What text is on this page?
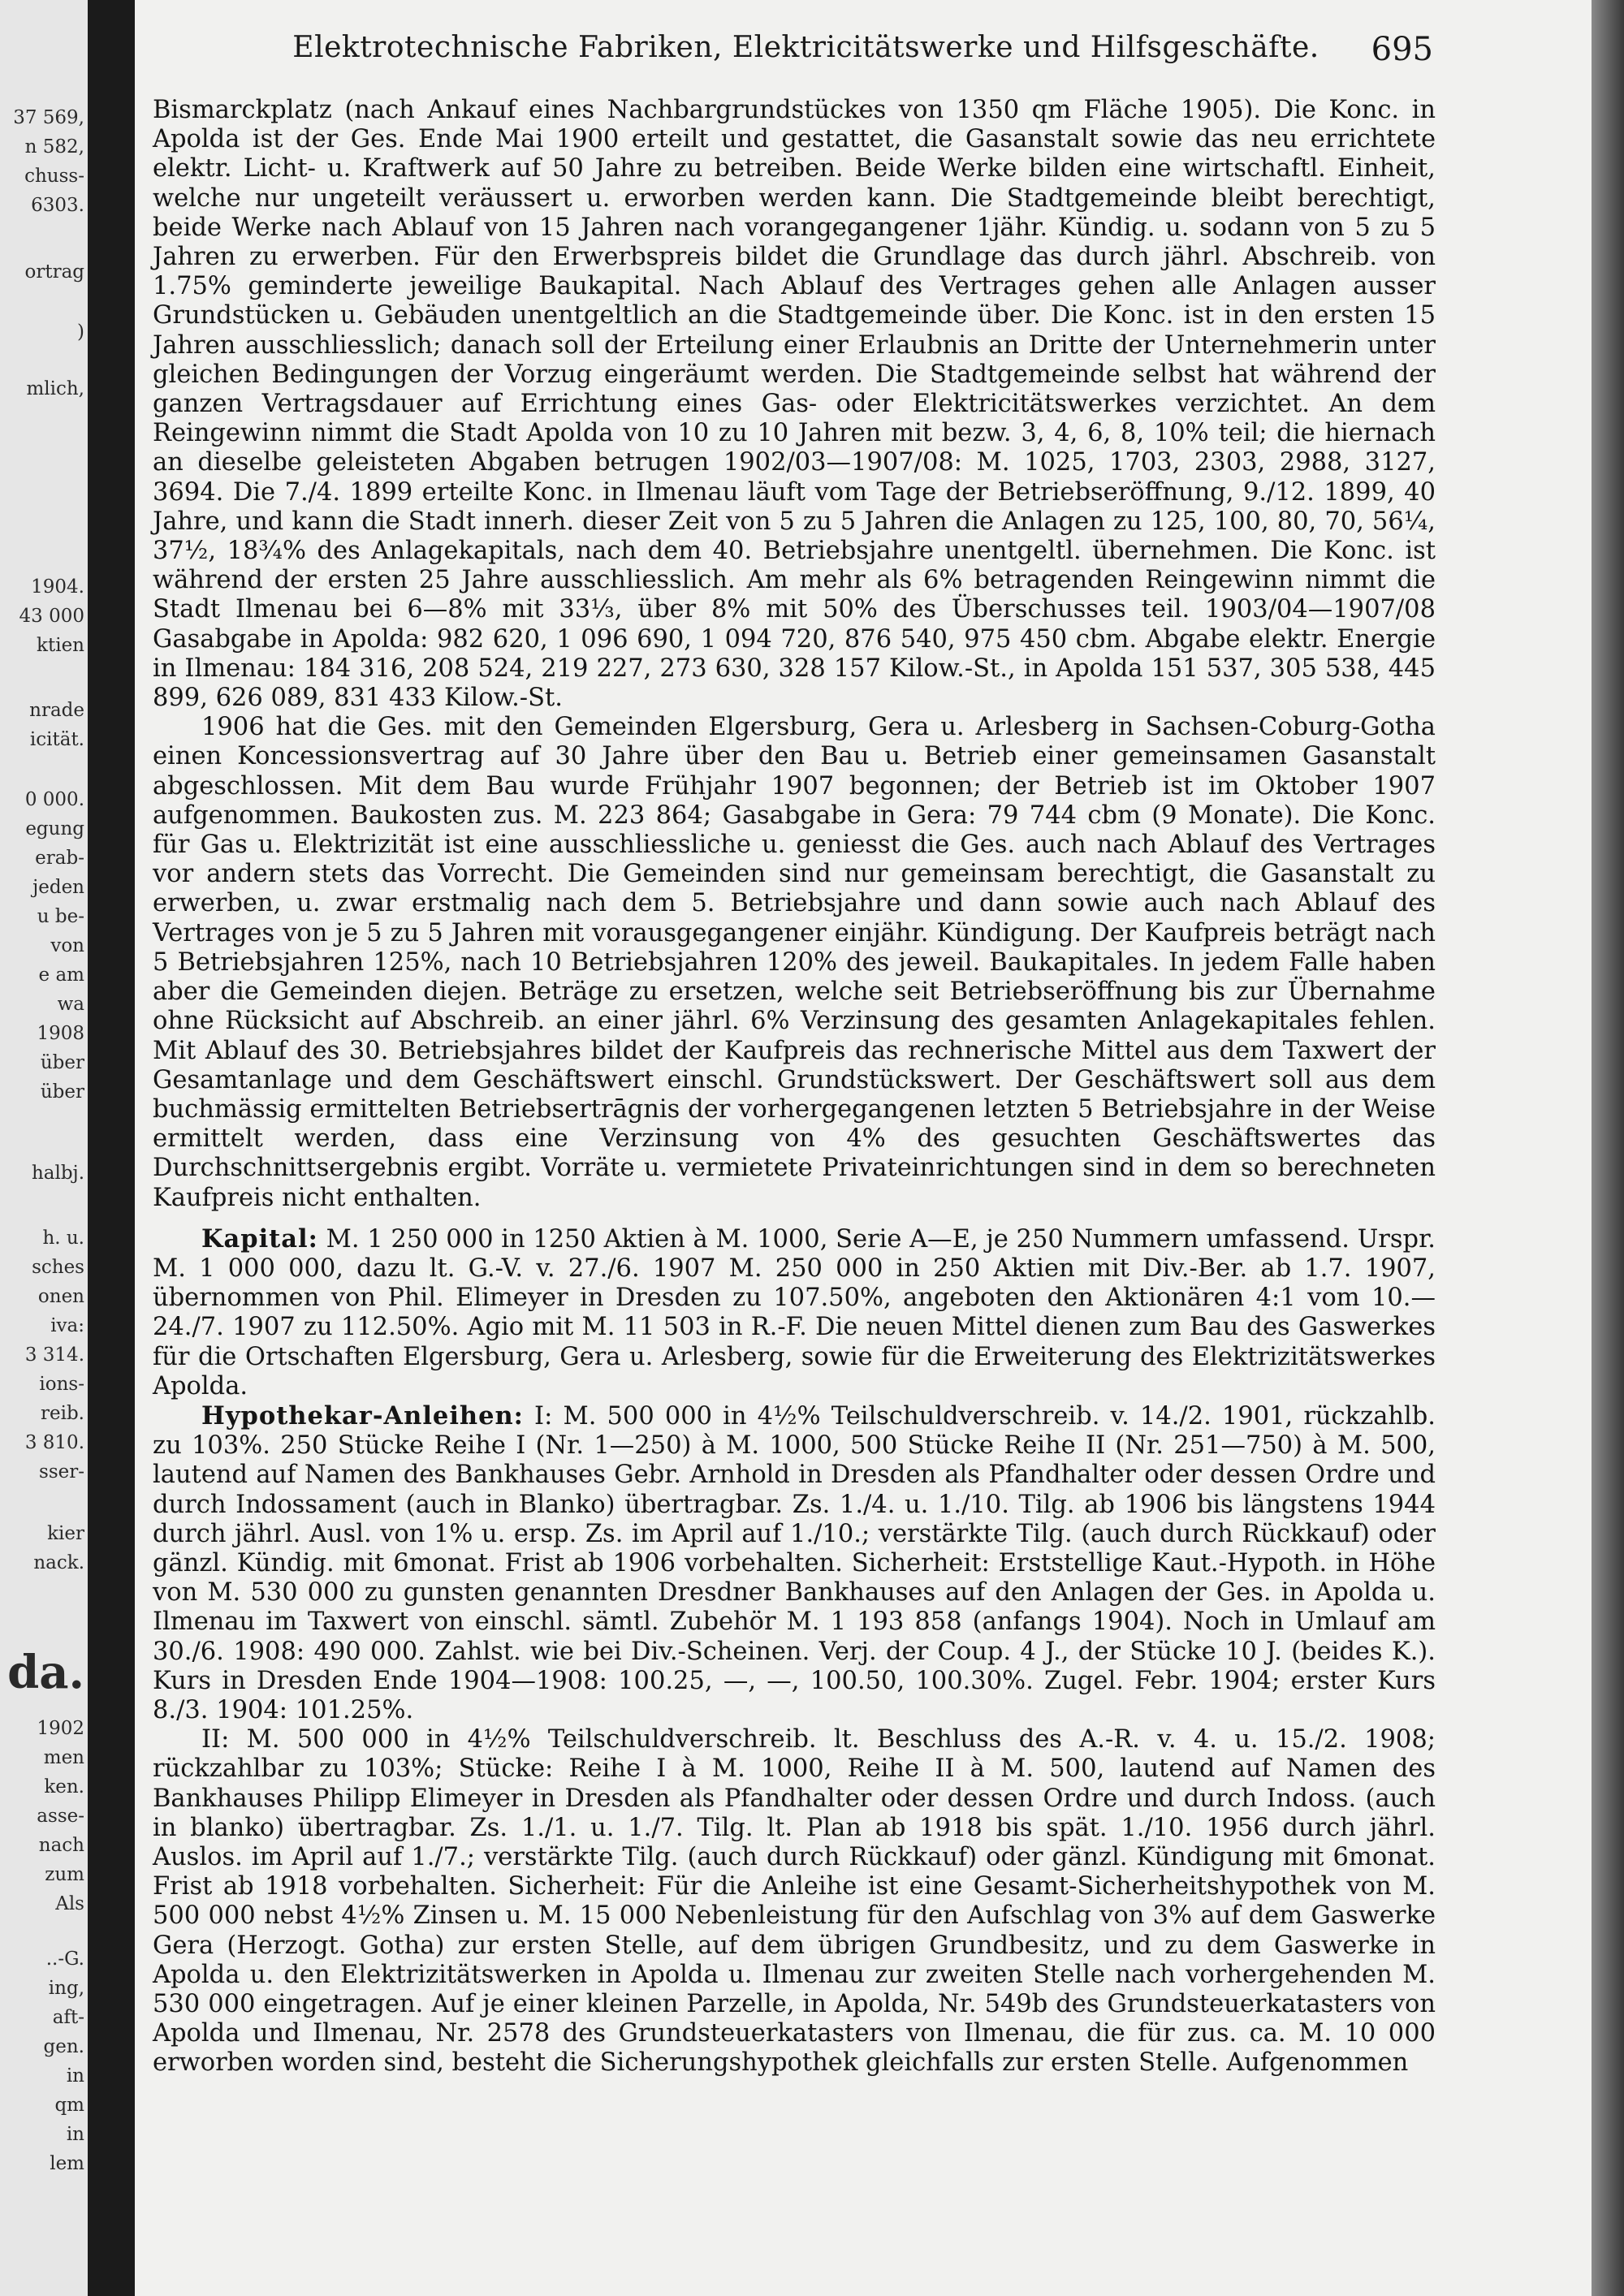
37 569,
n 582,
chuss-
6303.
ortrag
)
mlich,
1904.
43 000
ktien
nrade
icität.
0 000.
egung
erab-
jeden
u be-
von
e am
wa
1908
über
über
halbj.
h. u.
sches
onen
iva:
3 314.
ions-
reib.
3 810.
sser-
kier
nack.
da.
1902
men
ken.
asse-
nach
zum
Als
..-G.
ing,
aft-
gen.
in
qm
in
lem
Elektrotechnische Fabriken, Elektricitätswerke und Hilfsgeschäfte.	695

Bismarckplatz (nach Ankauf eines Nachbargrundstückes von 1350 qm Fläche 1905). Die Konc. in Apolda ist der Ges. Ende Mai 1900 erteilt und gestattet, die Gasanstalt sowie das neu errichtete elektr. Licht- u. Kraftwerk auf 50 Jahre zu betreiben. Beide Werke bilden eine wirtschaftl. Einheit, welche nur ungeteilt veräussert u. erworben werden kann. Die Stadtgemeinde bleibt berechtigt, beide Werke nach Ablauf von 15 Jahren nach vorangegangener 1jähr. Kündig. u. sodann von 5 zu 5 Jahren zu erwerben. Für den Erwerbspreis bildet die Grundlage das durch jährl. Abschreib. von 1.75% geminderte jeweilige Baukapital. Nach Ablauf des Vertrages gehen alle Anlagen ausser Grundstücken u. Gebäuden unentgeltlich an die Stadtgemeinde über. Die Konc. ist in den ersten 15 Jahren ausschliesslich; danach soll der Erteilung einer Erlaubnis an Dritte der Unternehmerin unter gleichen Bedingungen der Vorzug eingeräumt werden. Die Stadtgemeinde selbst hat während der ganzen Vertragsdauer auf Errichtung eines Gas- oder Elektricitätswerkes verzichtet. An dem Reingewinn nimmt die Stadt Apolda von 10 zu 10 Jahren mit bezw. 3, 4, 6, 8, 10% teil; die hiernach an dieselbe geleisteten Abgaben betrugen 1902/03—1907/08: M. 1025, 1703, 2303, 2988, 3127, 3694. Die 7./4. 1899 erteilte Konc. in Ilmenau läuft vom Tage der Betriebseröffnung, 9./12. 1899, 40 Jahre, und kann die Stadt innerh. dieser Zeit von 5 zu 5 Jahren die Anlagen zu 125, 100, 80, 70, 56¼, 37½, 18¾% des Anlagekapitals, nach dem 40. Betriebsjahre unentgeltl. übernehmen. Die Konc. ist während der ersten 25 Jahre ausschliesslich. Am mehr als 6% betragenden Reingewinn nimmt die Stadt Ilmenau bei 6—8% mit 33⅓, über 8% mit 50% des Überschusses teil. 1903/04—1907/08 Gasabgabe in Apolda: 982 620, 1 096 690, 1 094 720, 876 540, 975 450 cbm. Abgabe elektr. Energie in Ilmenau: 184 316, 208 524, 219 227, 273 630, 328 157 Kilow.-St., in Apolda 151 537, 305 538, 445 899, 626 089, 831 433 Kilow.-St.

1906 hat die Ges. mit den Gemeinden Elgersburg, Gera u. Arlesberg in Sachsen-Coburg-Gotha einen Koncessionsvertrag auf 30 Jahre über den Bau u. Betrieb einer gemeinsamen Gasanstalt abgeschlossen. Mit dem Bau wurde Frühjahr 1907 begonnen; der Betrieb ist im Oktober 1907 aufgenommen. Baukosten zus. M. 223 864; Gasabgabe in Gera: 79 744 cbm (9 Monate). Die Konc. für Gas u. Elektrizität ist eine ausschliessliche u. geniesst die Ges. auch nach Ablauf des Vertrages vor andern stets das Vorrecht. Die Gemeinden sind nur gemeinsam berechtigt, die Gasanstalt zu erwerben, u. zwar erstmalig nach dem 5. Betriebsjahre und dann sowie auch nach Ablauf des Vertrages von je 5 zu 5 Jahren mit vorausgegangener einjähr. Kündigung. Der Kaufpreis beträgt nach 5 Betriebsjahren 125%, nach 10 Betriebsjahren 120% des jeweil. Baukapitales. In jedem Falle haben aber die Gemeinden diejen. Beträge zu ersetzen, welche seit Betriebseröffnung bis zur Übernahme ohne Rücksicht auf Abschreib. an einer jährl. 6% Verzinsung des gesamten Anlagekapitales fehlen. Mit Ablauf des 30. Betriebsjahres bildet der Kaufpreis das rechnerische Mittel aus dem Taxwert der Gesamtanlage und dem Geschäftswert einschl. Grundstückswert. Der Geschäftswert soll aus dem buchmässig ermittelten Betriebsertrāgnis der vorhergegangenen letzten 5 Betriebsjahre in der Weise ermittelt werden, dass eine Verzinsung von 4% des gesuchten Geschäftswertes das Durchschnittsergebnis ergibt. Vorräte u. vermietete Privateinrichtungen sind in dem so berechneten Kaufpreis nicht enthalten.

Kapital: M. 1 250 000 in 1250 Aktien à M. 1000, Serie A—E, je 250 Nummern umfassend. Urspr. M. 1 000 000, dazu lt. G.-V. v. 27./6. 1907 M. 250 000 in 250 Aktien mit Div.-Ber. ab 1.7. 1907, übernommen von Phil. Elimeyer in Dresden zu 107.50%, angeboten den Aktionären 4:1 vom 10.—24./7. 1907 zu 112.50%. Agio mit M. 11 503 in R.-F. Die neuen Mittel dienen zum Bau des Gaswerkes für die Ortschaften Elgersburg, Gera u. Arlesberg, sowie für die Erweiterung des Elektrizitätswerkes Apolda.

Hypothekar-Anleihen: I: M. 500 000 in 4½% Teilschuldverschreib. v. 14./2. 1901, rückzahlb. zu 103%. 250 Stücke Reihe I (Nr. 1—250) à M. 1000, 500 Stücke Reihe II (Nr. 251—750) à M. 500, lautend auf Namen des Bankhauses Gebr. Arnhold in Dresden als Pfandhalter oder dessen Ordre und durch Indossament (auch in Blanko) übertragbar. Zs. 1./4. u. 1./10. Tilg. ab 1906 bis längstens 1944 durch jährl. Ausl. von 1% u. ersp. Zs. im April auf 1./10.; verstärkte Tilg. (auch durch Rückkauf) oder gänzl. Kündig. mit 6monat. Frist ab 1906 vorbehalten. Sicherheit: Erststellige Kaut.-Hypoth. in Höhe von M. 530 000 zu gunsten genannten Dresdner Bankhauses auf den Anlagen der Ges. in Apolda u. Ilmenau im Taxwert von einschl. sämtl. Zubehör M. 1 193 858 (anfangs 1904). Noch in Umlauf am 30./6. 1908: 490 000. Zahlst. wie bei Div.-Scheinen. Verj. der Coup. 4 J., der Stücke 10 J. (beides K.). Kurs in Dresden Ende 1904—1908: 100.25, —, —, 100.50, 100.30%. Zugel. Febr. 1904; erster Kurs 8./3. 1904: 101.25%.

II: M. 500 000 in 4½% Teilschuldverschreib. lt. Beschluss des A.-R. v. 4. u. 15./2. 1908; rückzahlbar zu 103%; Stücke: Reihe I à M. 1000, Reihe II à M. 500, lautend auf Namen des Bankhauses Philipp Elimeyer in Dresden als Pfandhalter oder dessen Ordre und durch Indoss. (auch in blanko) übertragbar. Zs. 1./1. u. 1./7. Tilg. lt. Plan ab 1918 bis spät. 1./10. 1956 durch jährl. Auslos. im April auf 1./7.; verstärkte Tilg. (auch durch Rückkauf) oder gänzl. Kündigung mit 6monat. Frist ab 1918 vorbehalten. Sicherheit: Für die Anleihe ist eine Gesamt-Sicherheitshypothek von M. 500 000 nebst 4½% Zinsen u. M. 15 000 Nebenleistung für den Aufschlag von 3% auf dem Gaswerke Gera (Herzogt. Gotha) zur ersten Stelle, auf dem übrigen Grundbesitz, und zu dem Gaswerke in Apolda u. den Elektrizitätswerken in Apolda u. Ilmenau zur zweiten Stelle nach vorhergehenden M. 530 000 eingetragen. Auf je einer kleinen Parzelle, in Apolda, Nr. 549b des Grundsteuerkatasters von Apolda und Ilmenau, Nr. 2578 des Grundsteuerkatasters von Ilmenau, die für zus. ca. M. 10 000 erworben worden sind, besteht die Sicherungshypothek gleichfalls zur ersten Stelle. Aufgenommen
